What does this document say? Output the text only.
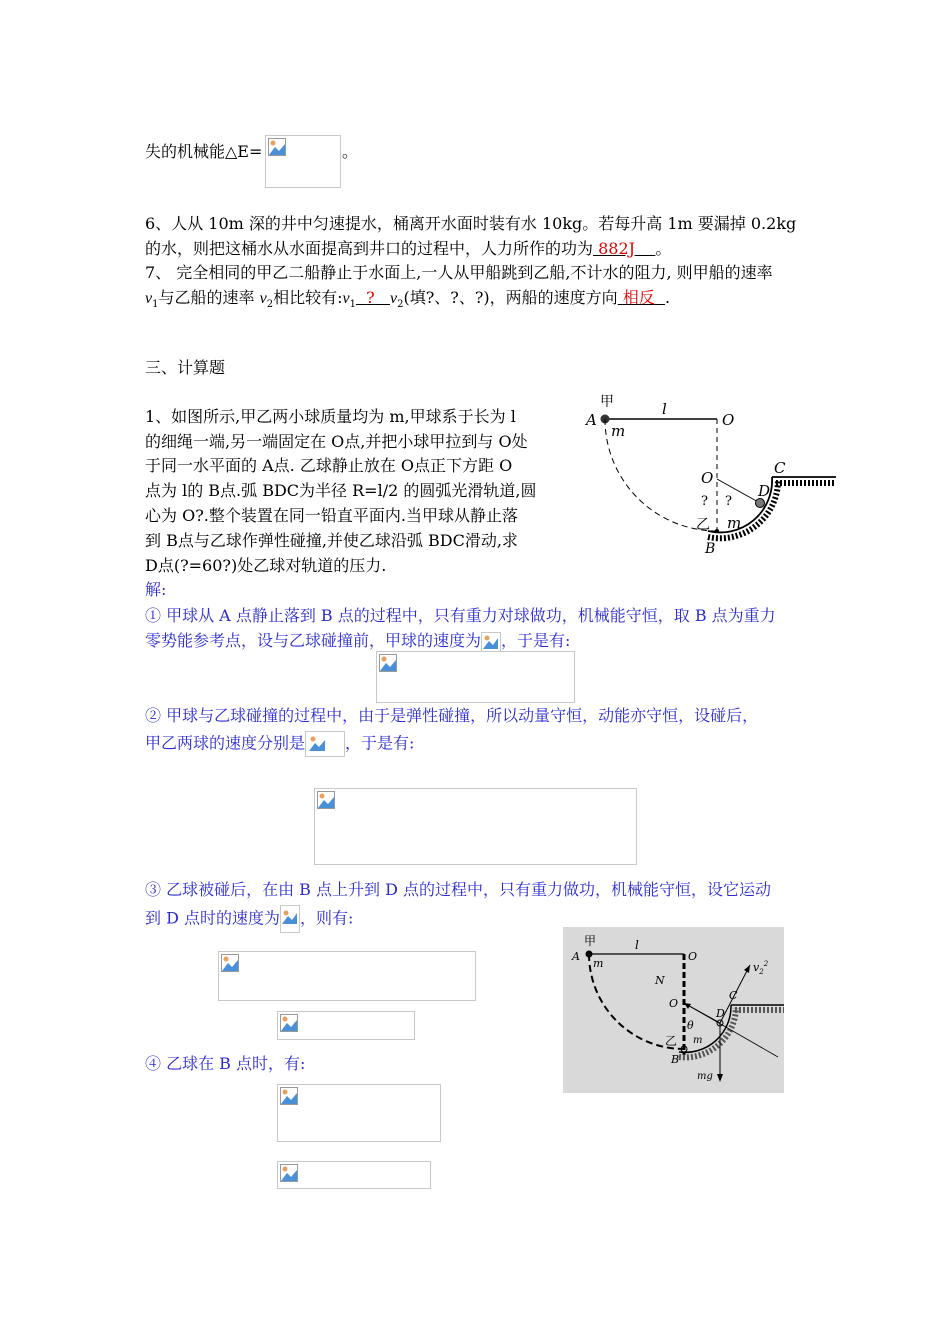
失的机械能△E=	。
6、人从 10m 深的井中匀速提水，桶离开水面时装有水 10kg。若每升高 1m 要漏掉 0.2kg
的水，则把这桶水从水面提高到井口的过程中，人力所作的功为 882J 。
7、 完全相同的甲乙二船静止于水面上,一人从甲船跳到乙船,不计水的阻力, 则甲船的速率
$v_1$与乙船的速率 $v_2$相比较有$:v_1$ ? $v_2$(填?、?、?)，两船的速度方向 相反 .
三、计算题
1、如图所示,甲乙两小球质量均为 m,甲球系于长为 l
的细绳一端,另一端固定在 O点,并把小球甲拉到与 O处
于同一水平面的 A点. 乙球静止放在 O点正下方距 O
点为 l的 B点.弧 BDC为半径 R=l/2 的圆弧光滑轨道,圆
心为 O?.整个装置在同一铅直平面内.当甲球从静止落
到 B点与乙球作弹性碰撞,并使乙球沿弧 BDC滑动,求
D点(?=60?)处乙球对轨道的压力.
甲
A
m
l
O
O
C
D
? ?
乙 m
B
解:
① 甲球从 A 点静止落到 B 点的过程中，只有重力对球做功，机械能守恒，取 B 点为重力
零势能参考点，设与乙球碰撞前，甲球的速度为 ，于是有:
② 甲球与乙球碰撞的过程中，由于是弹性碰撞，所以动量守恒，动能亦守恒，设碰后，
甲乙两球的速度分别是	，于是有:
③ 乙球被碰后，在由 B 点上升到 D 点的过程中，只有重力做功，机械能守恒，设它运动
到 D 点时的速度为 ，则有:
④ 乙球在 B 点时，有:
甲
A
m
l
O
N
O
$v_2^2$
C
D
θ
乙 m
B
mg
